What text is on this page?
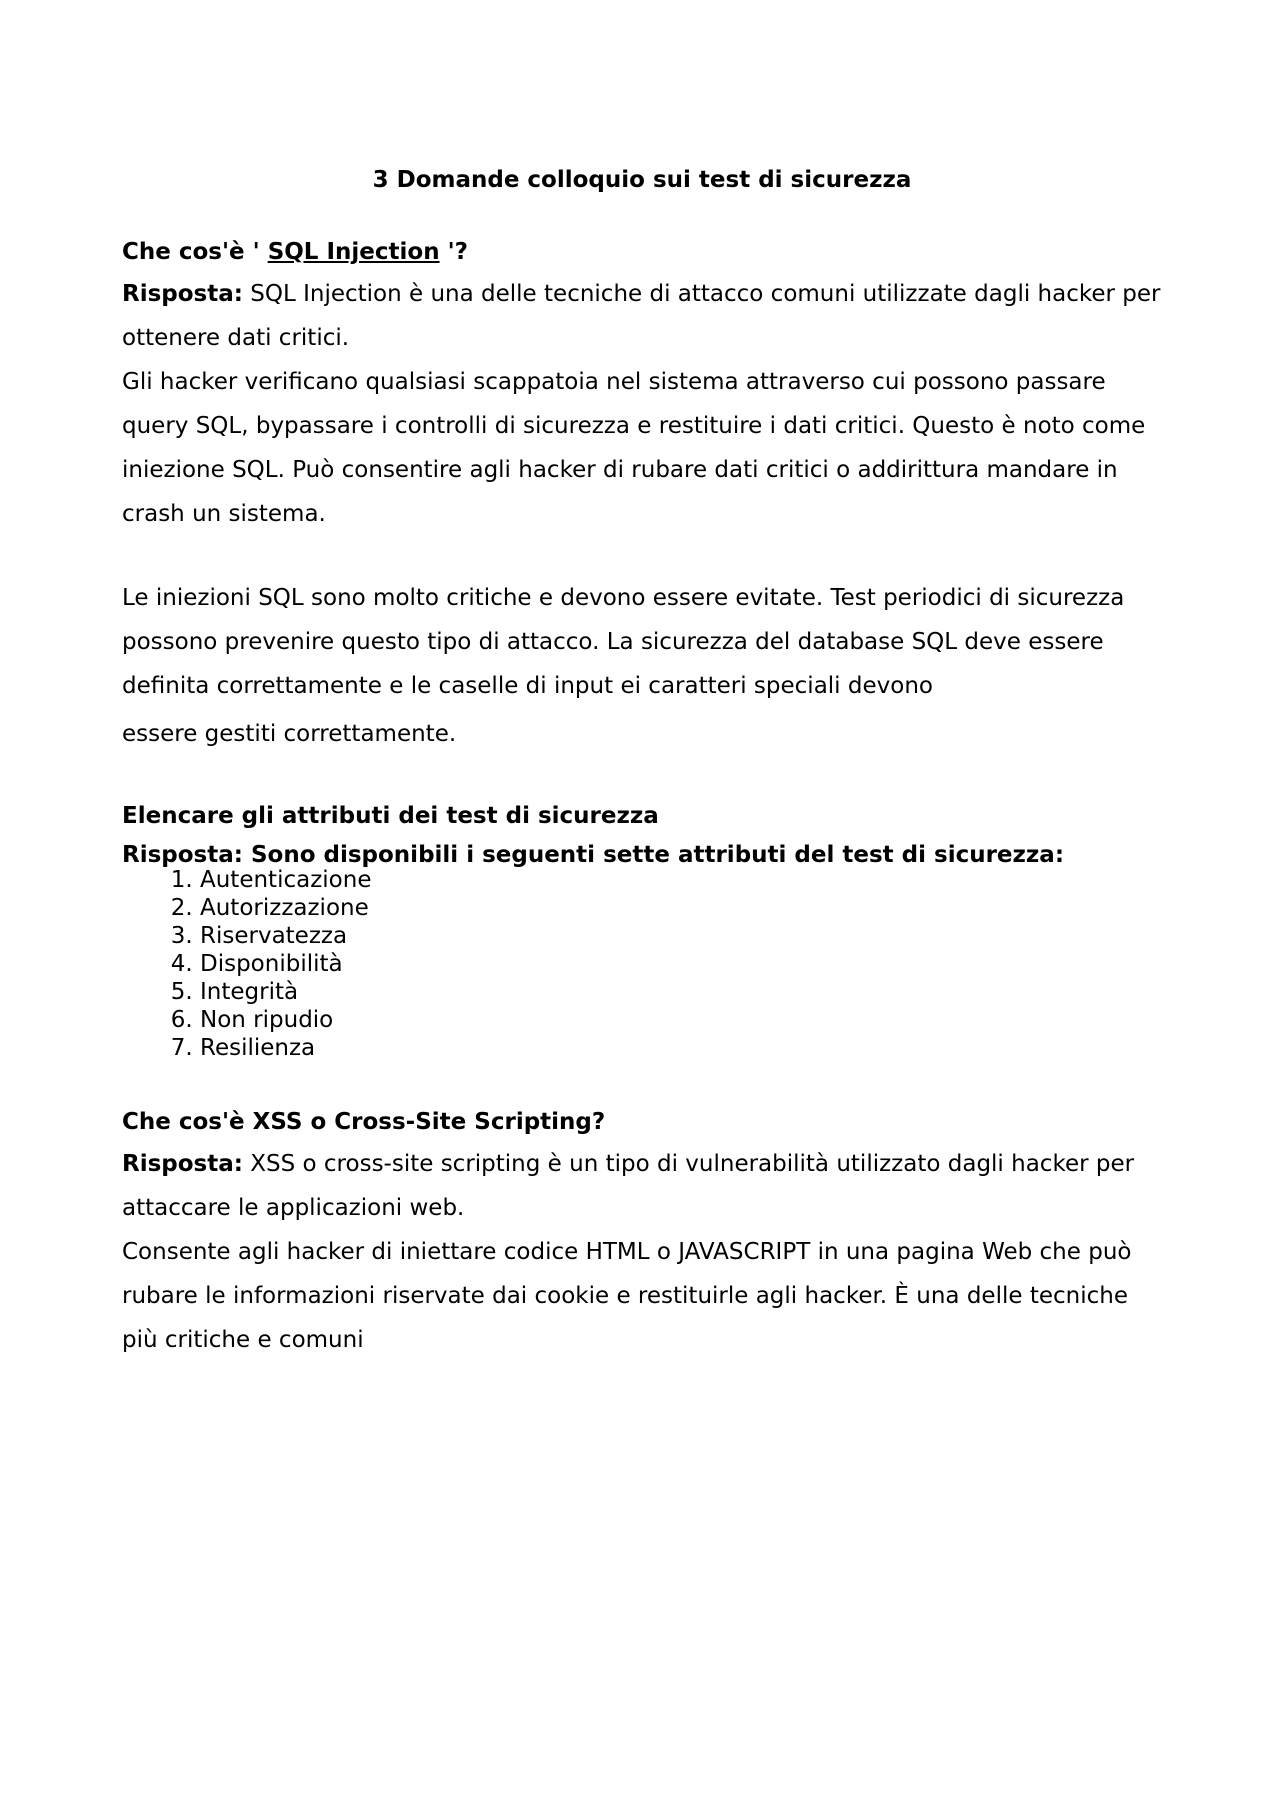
3 Domande colloquio sui test di sicurezza

Che cos'è ' SQL Injection '?

Risposta: SQL Injection è una delle tecniche di attacco comuni utilizzate dagli hacker per ottenere dati critici.

Gli hacker verificano qualsiasi scappatoia nel sistema attraverso cui possono passare query SQL, bypassare i controlli di sicurezza e restituire i dati critici. Questo è noto come iniezione SQL. Può consentire agli hacker di rubare dati critici o addirittura mandare in crash un sistema.

Le iniezioni SQL sono molto critiche e devono essere evitate. Test periodici di sicurezza possono prevenire questo tipo di attacco. La sicurezza del database SQL deve essere definita correttamente e le caselle di input ei caratteri speciali devono

essere gestiti correttamente.

Elencare gli attributi dei test di sicurezza

Risposta: Sono disponibili i seguenti sette attributi del test di sicurezza:

1. Autenticazione
2. Autorizzazione
3. Riservatezza
4. Disponibilità
5. Integrità
6. Non ripudio
7. Resilienza

Che cos'è XSS o Cross-Site Scripting?

Risposta: XSS o cross-site scripting è un tipo di vulnerabilità utilizzato dagli hacker per attaccare le applicazioni web.

Consente agli hacker di iniettare codice HTML o JAVASCRIPT in una pagina Web che può rubare le informazioni riservate dai cookie e restituirle agli hacker. È una delle tecniche più critiche e comuni
